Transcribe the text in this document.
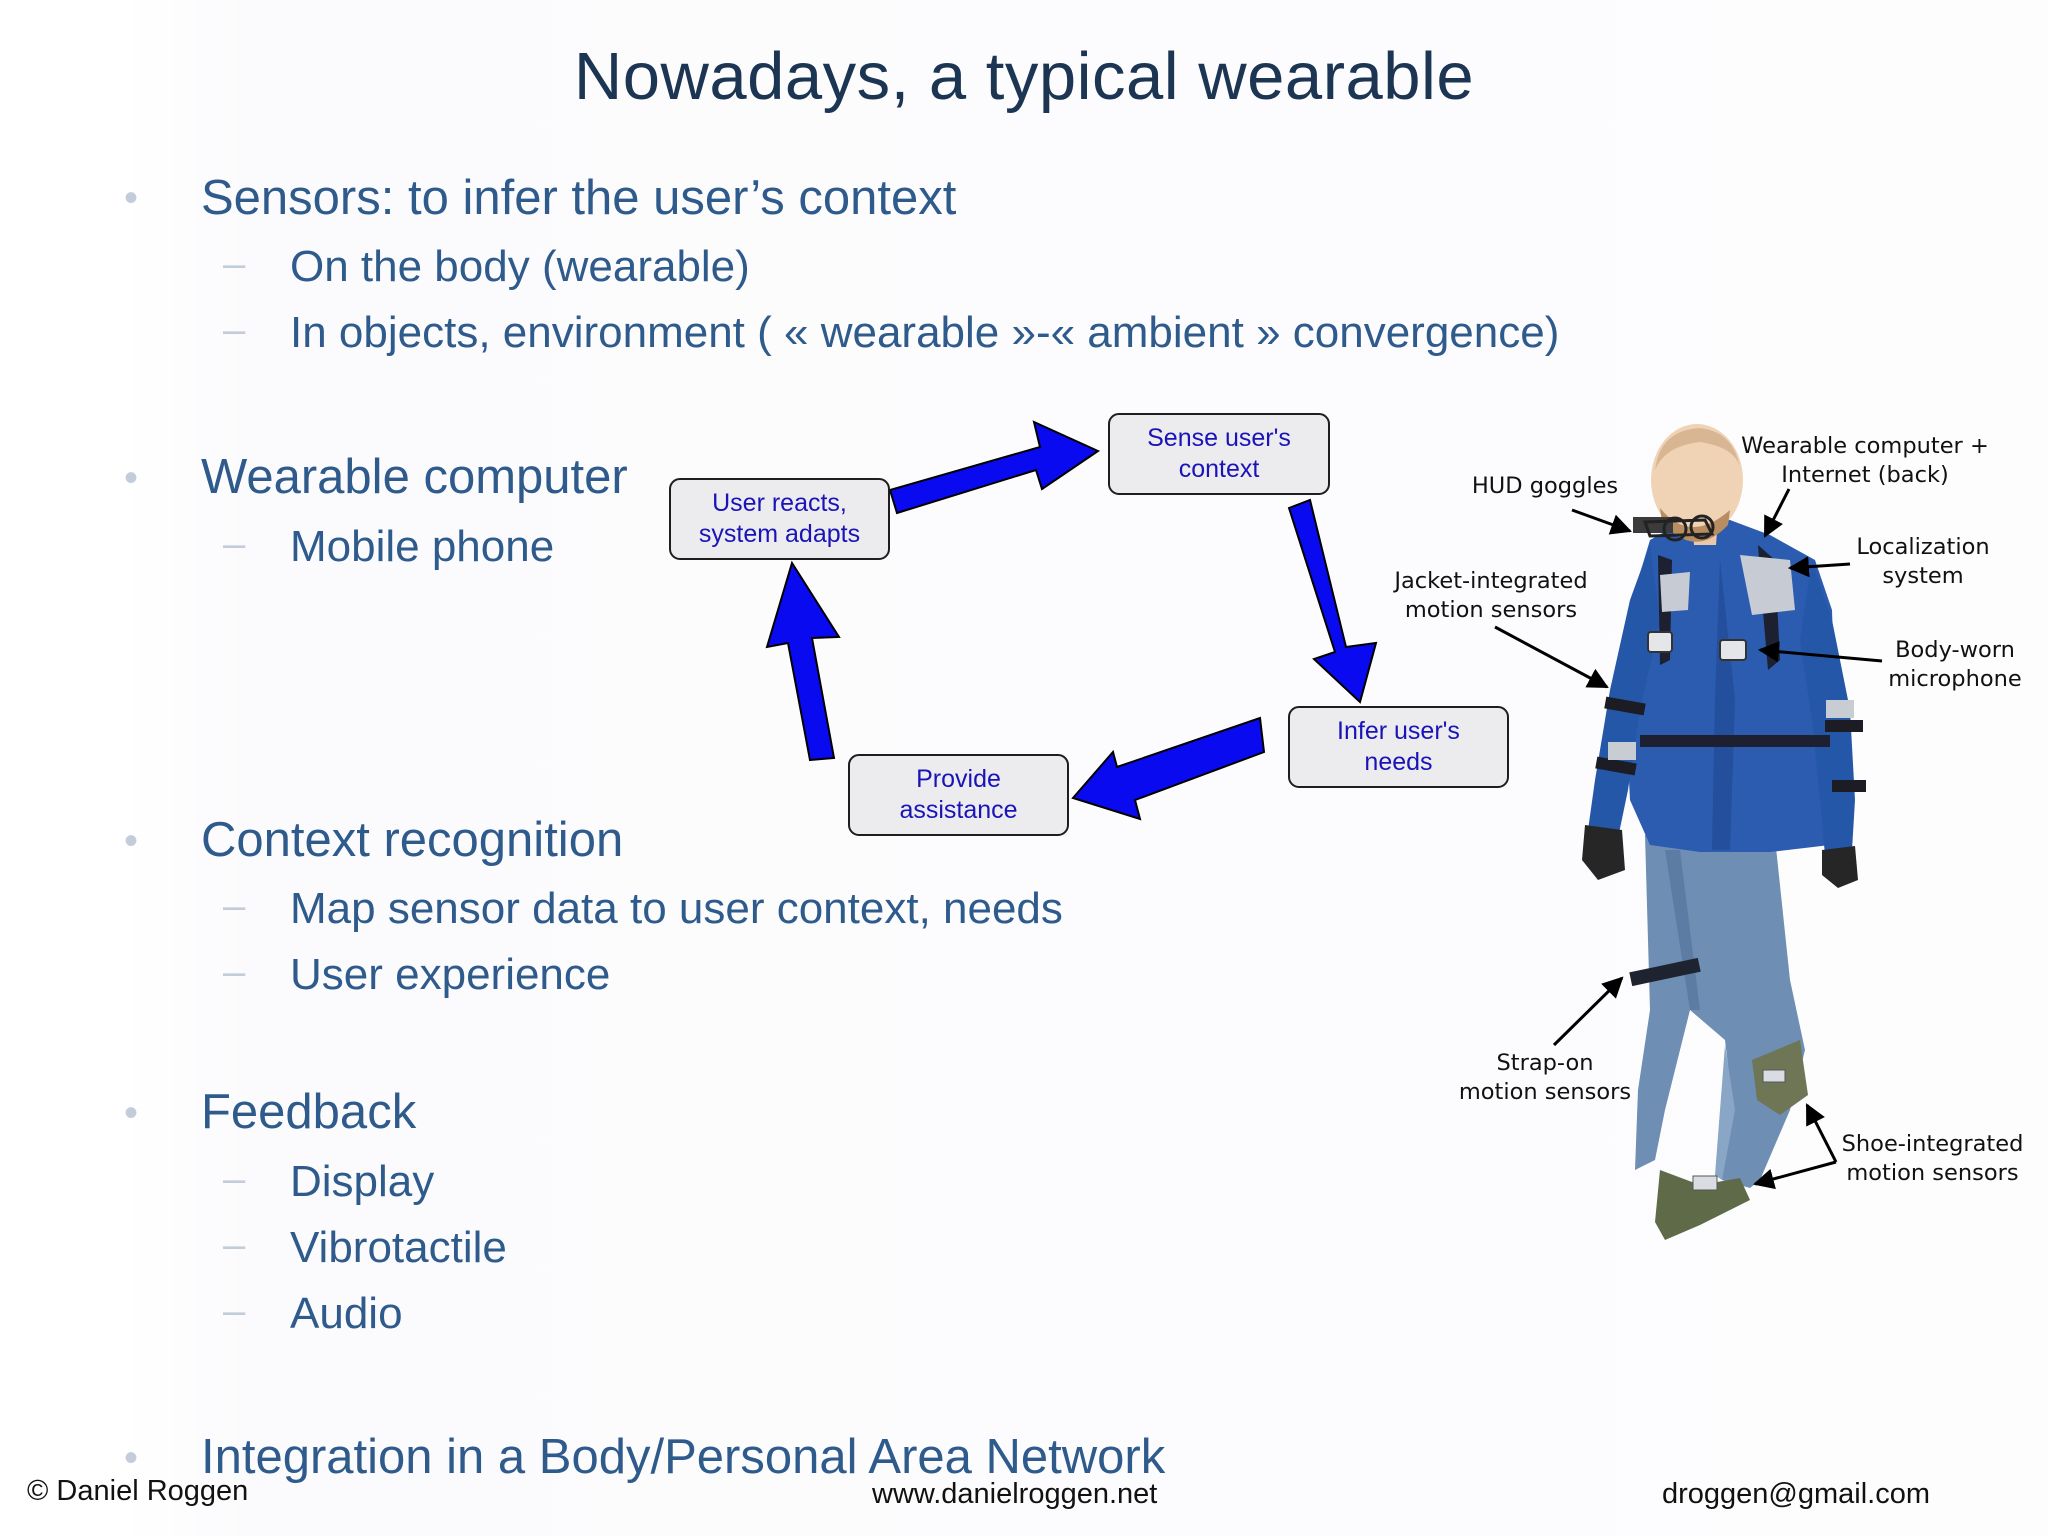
Nowadays, a typical wearable
• Sensors: to infer the user’s context
– On the body (wearable)
– In objects, environment ( « wearable »-« ambient » convergence)
• Wearable computer
– Mobile phone
• Context recognition
– Map sensor data to user context, needs
– User experience
• Feedback
– Display
– Vibrotactile
– Audio
• Integration in a Body/Personal Area Network
Sense user's
context
Infer user's
needs
Provide
assistance
User reacts,
system adapts
Wearable computer +
Internet (back)
HUD goggles
Localization
system
Jacket-integrated
motion sensors
Body-worn
microphone
Strap-on
motion sensors
Shoe-integrated
motion sensors
© Daniel Roggen	www.danielroggen.net	droggen@gmail.com
